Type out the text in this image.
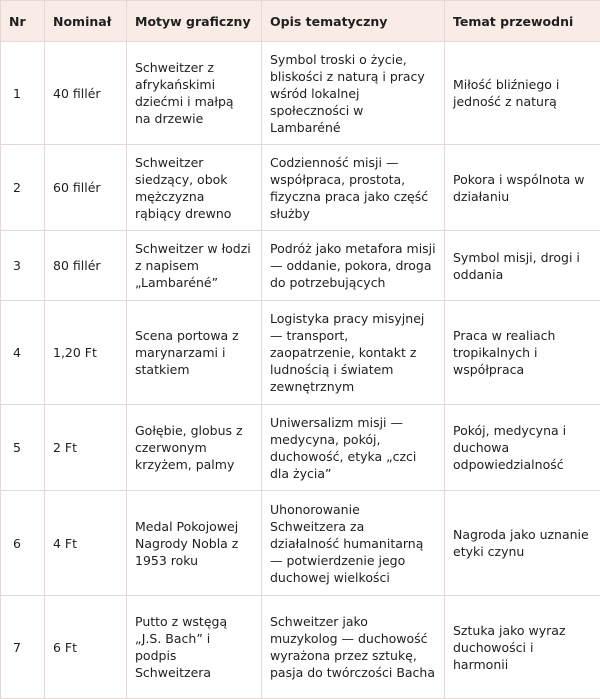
Nr	Nominał	Motyw graficzny	Opis tematyczny	Temat przewodni
1	40 fillér	Schweitzer z afrykańskimi dziećmi i małpą na drzewie	Symbol troski o życie, bliskości z naturą i pracy wśród lokalnej społeczności w Lambaréné	Miłość bliźniego i jedność z naturą
2	60 fillér	Schweitzer siedzący, obok mężczyzna rąbiący drewno	Codzienność misji — współpraca, prostota, fizyczna praca jako część służby	Pokora i wspólnota w działaniu
3	80 fillér	Schweitzer w łodzi z napisem „Lambaréné”	Podróż jako metafora misji — oddanie, pokora, droga do potrzebujących	Symbol misji, drogi i oddania
4	1,20 Ft	Scena portowa z marynarzami i statkiem	Logistyka pracy misyjnej — transport, zaopatrzenie, kontakt z ludnością i światem zewnętrznym	Praca w realiach tropikalnych i współpraca
5	2 Ft	Gołębie, globus z czerwonym krzyżem, palmy	Uniwersalizm misji — medycyna, pokój, duchowość, etyka „czci dla życia”	Pokój, medycyna i duchowa odpowiedzialność
6	4 Ft	Medal Pokojowej Nagrody Nobla z 1953 roku	Uhonorowanie Schweitzera za działalność humanitarną — potwierdzenie jego duchowej wielkości	Nagroda jako uznanie etyki czynu
7	6 Ft	Putto z wstęgą „J.S. Bach” i podpis Schweitzera	Schweitzer jako muzykolog — duchowość wyrażona przez sztukę, pasja do twórczości Bacha	Sztuka jako wyraz duchowości i harmonii
